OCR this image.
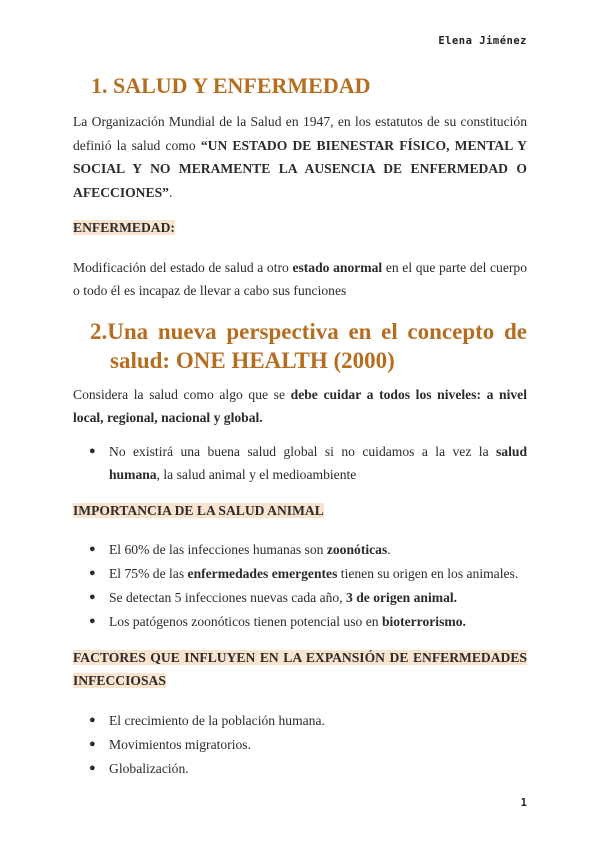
Elena Jiménez
1. SALUD Y ENFERMEDAD

La Organización Mundial de la Salud en 1947, en los estatutos de su constitución definió la salud como “UN ESTADO DE BIENESTAR FÍSICO, MENTAL Y SOCIAL Y NO MERAMENTE LA AUSENCIA DE ENFERMEDAD O AFECCIONES”.

ENFERMEDAD:

Modificación del estado de salud a otro estado anormal en el que parte del cuerpo o todo él es incapaz de llevar a cabo sus funciones

2.Una nueva perspectiva en el concepto de salud: ONE HEALTH (2000)

Considera la salud como algo que se debe cuidar a todos los niveles: a nivel local, regional, nacional y global.

● No existirá una buena salud global si no cuidamos a la vez la salud humana, la salud animal y el medioambiente
IMPORTANCIA DE LA SALUD ANIMAL
● El 60% de las infecciones humanas son zoonóticas.
● El 75% de las enfermedades emergentes tienen su origen en los animales.
● Se detectan 5 infecciones nuevas cada año, 3 de origen animal.
● Los patógenos zoonóticos tienen potencial uso en bioterrorismo.
FACTORES QUE INFLUYEN EN LA EXPANSIÓN DE ENFERMEDADES INFECCIOSAS
● El crecimiento de la población humana.
● Movimientos migratorios.
● Globalización.
1
